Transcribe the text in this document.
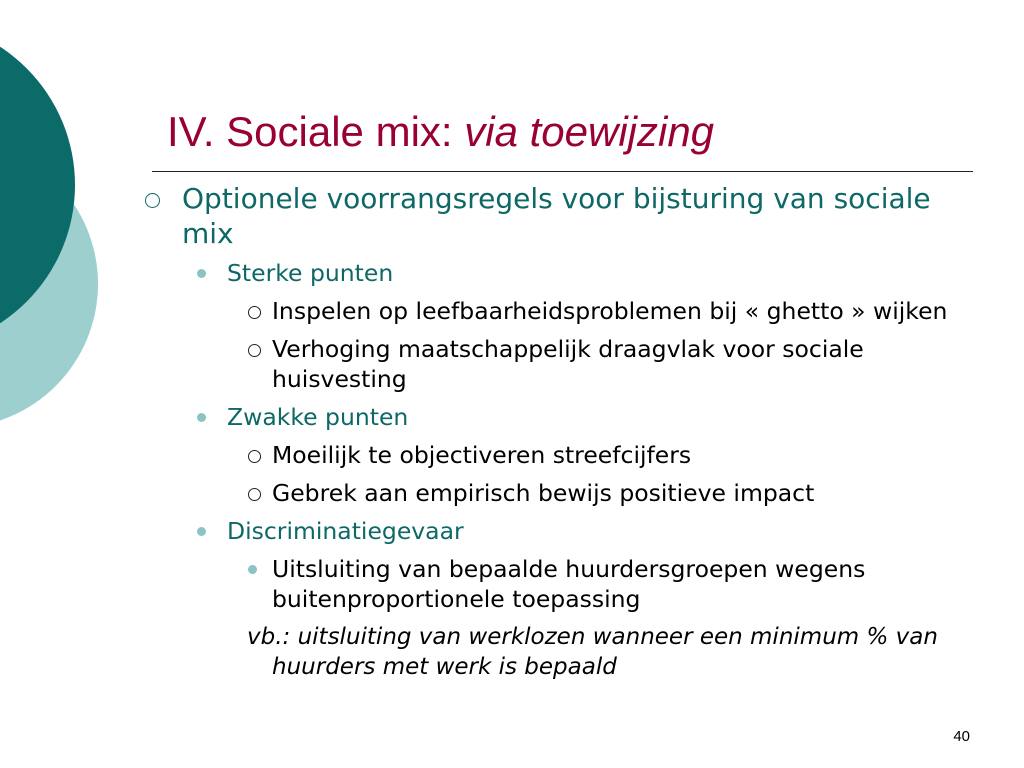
IV. Sociale mix: via toewijzing

Optionele voorrangsregels voor bijsturing van sociale mix

Sterke punten

Inspelen op leefbaarheidsproblemen bij « ghetto » wijken

Verhoging maatschappelijk draagvlak voor sociale huisvesting

Zwakke punten

Moeilijk te objectiveren streefcijfers

Gebrek aan empirisch bewijs positieve impact

Discriminatiegevaar

Uitsluiting van bepaalde huurdersgroepen wegens buitenproportionele toepassing

vb.: uitsluiting van werklozen wanneer een minimum % van huurders met werk is bepaald

40
